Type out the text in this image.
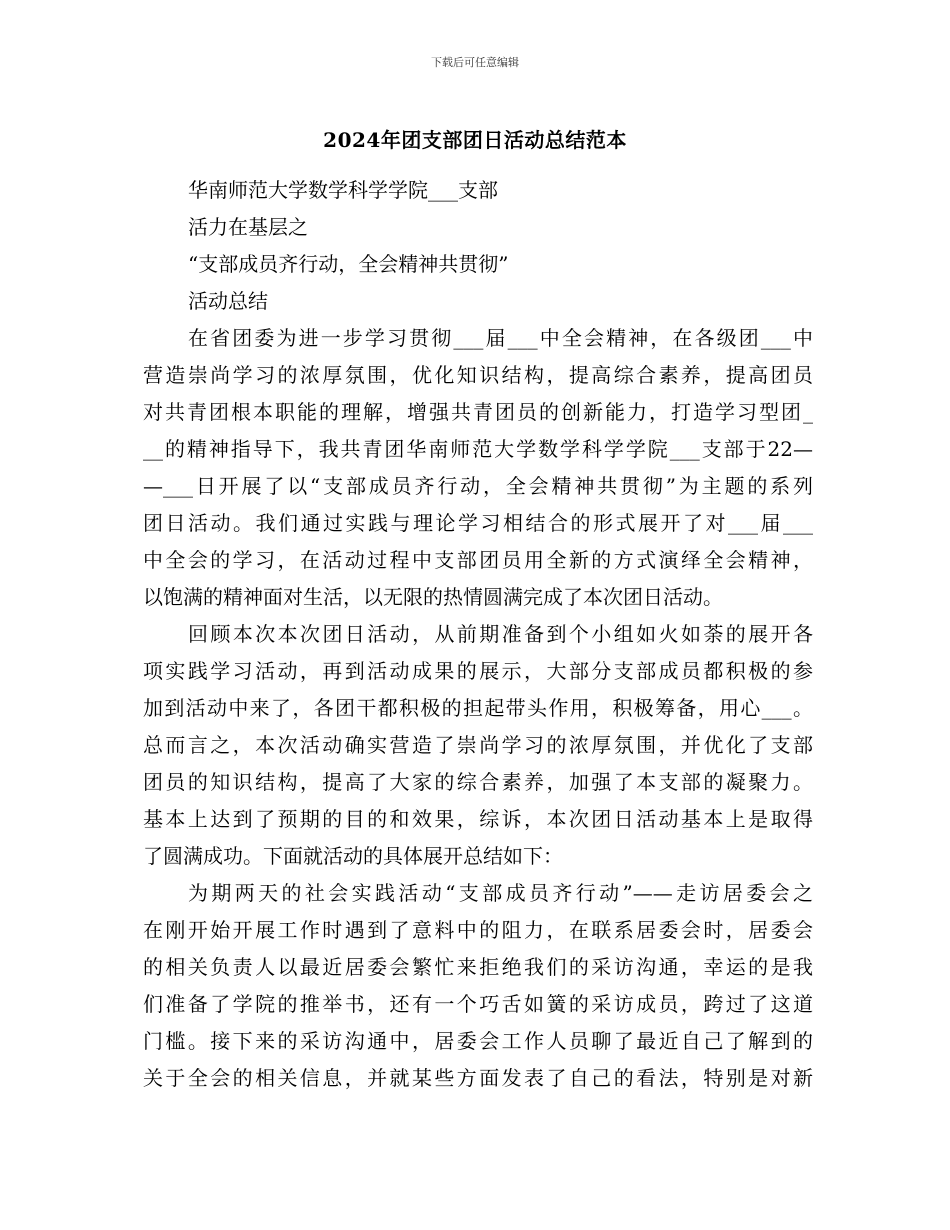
下载后可任意编辑
2024年团支部团日活动总结范本
华南师范大学数学科学学院___支部
活力在基层之
“支部成员齐行动，全会精神共贯彻”
活动总结
在省团委为进一步学习贯彻___届___中全会精神，在各级团___中
营造崇尚学习的浓厚氛围，优化知识结构，提高综合素养，提高团员
对共青团根本职能的理解，增强共青团员的创新能力，打造学习型团_
__的精神指导下，我共青团华南师范大学数学科学学院___支部于22—
—___日开展了以“支部成员齐行动，全会精神共贯彻”为主题的系列
团日活动。我们通过实践与理论学习相结合的形式展开了对___届___
中全会的学习，在活动过程中支部团员用全新的方式演绎全会精神，
以饱满的精神面对生活，以无限的热情圆满完成了本次团日活动。
回顾本次本次团日活动，从前期准备到个小组如火如荼的展开各
项实践学习活动，再到活动成果的展示，大部分支部成员都积极的参
加到活动中来了，各团干都积极的担起带头作用，积极筹备，用心___。
总而言之，本次活动确实营造了崇尚学习的浓厚氛围，并优化了支部
团员的知识结构，提高了大家的综合素养，加强了本支部的凝聚力。
基本上达到了预期的目的和效果，综诉，本次团日活动基本上是取得
了圆满成功。下面就活动的具体展开总结如下：
为期两天的社会实践活动“支部成员齐行动”——走访居委会之
在刚开始开展工作时遇到了意料中的阻力，在联系居委会时，居委会
的相关负责人以最近居委会繁忙来拒绝我们的采访沟通，幸运的是我
们准备了学院的推举书，还有一个巧舌如簧的采访成员，跨过了这道
门槛。接下来的采访沟通中，居委会工作人员聊了最近自己了解到的
关于全会的相关信息，并就某些方面发表了自己的看法，特别是对新
